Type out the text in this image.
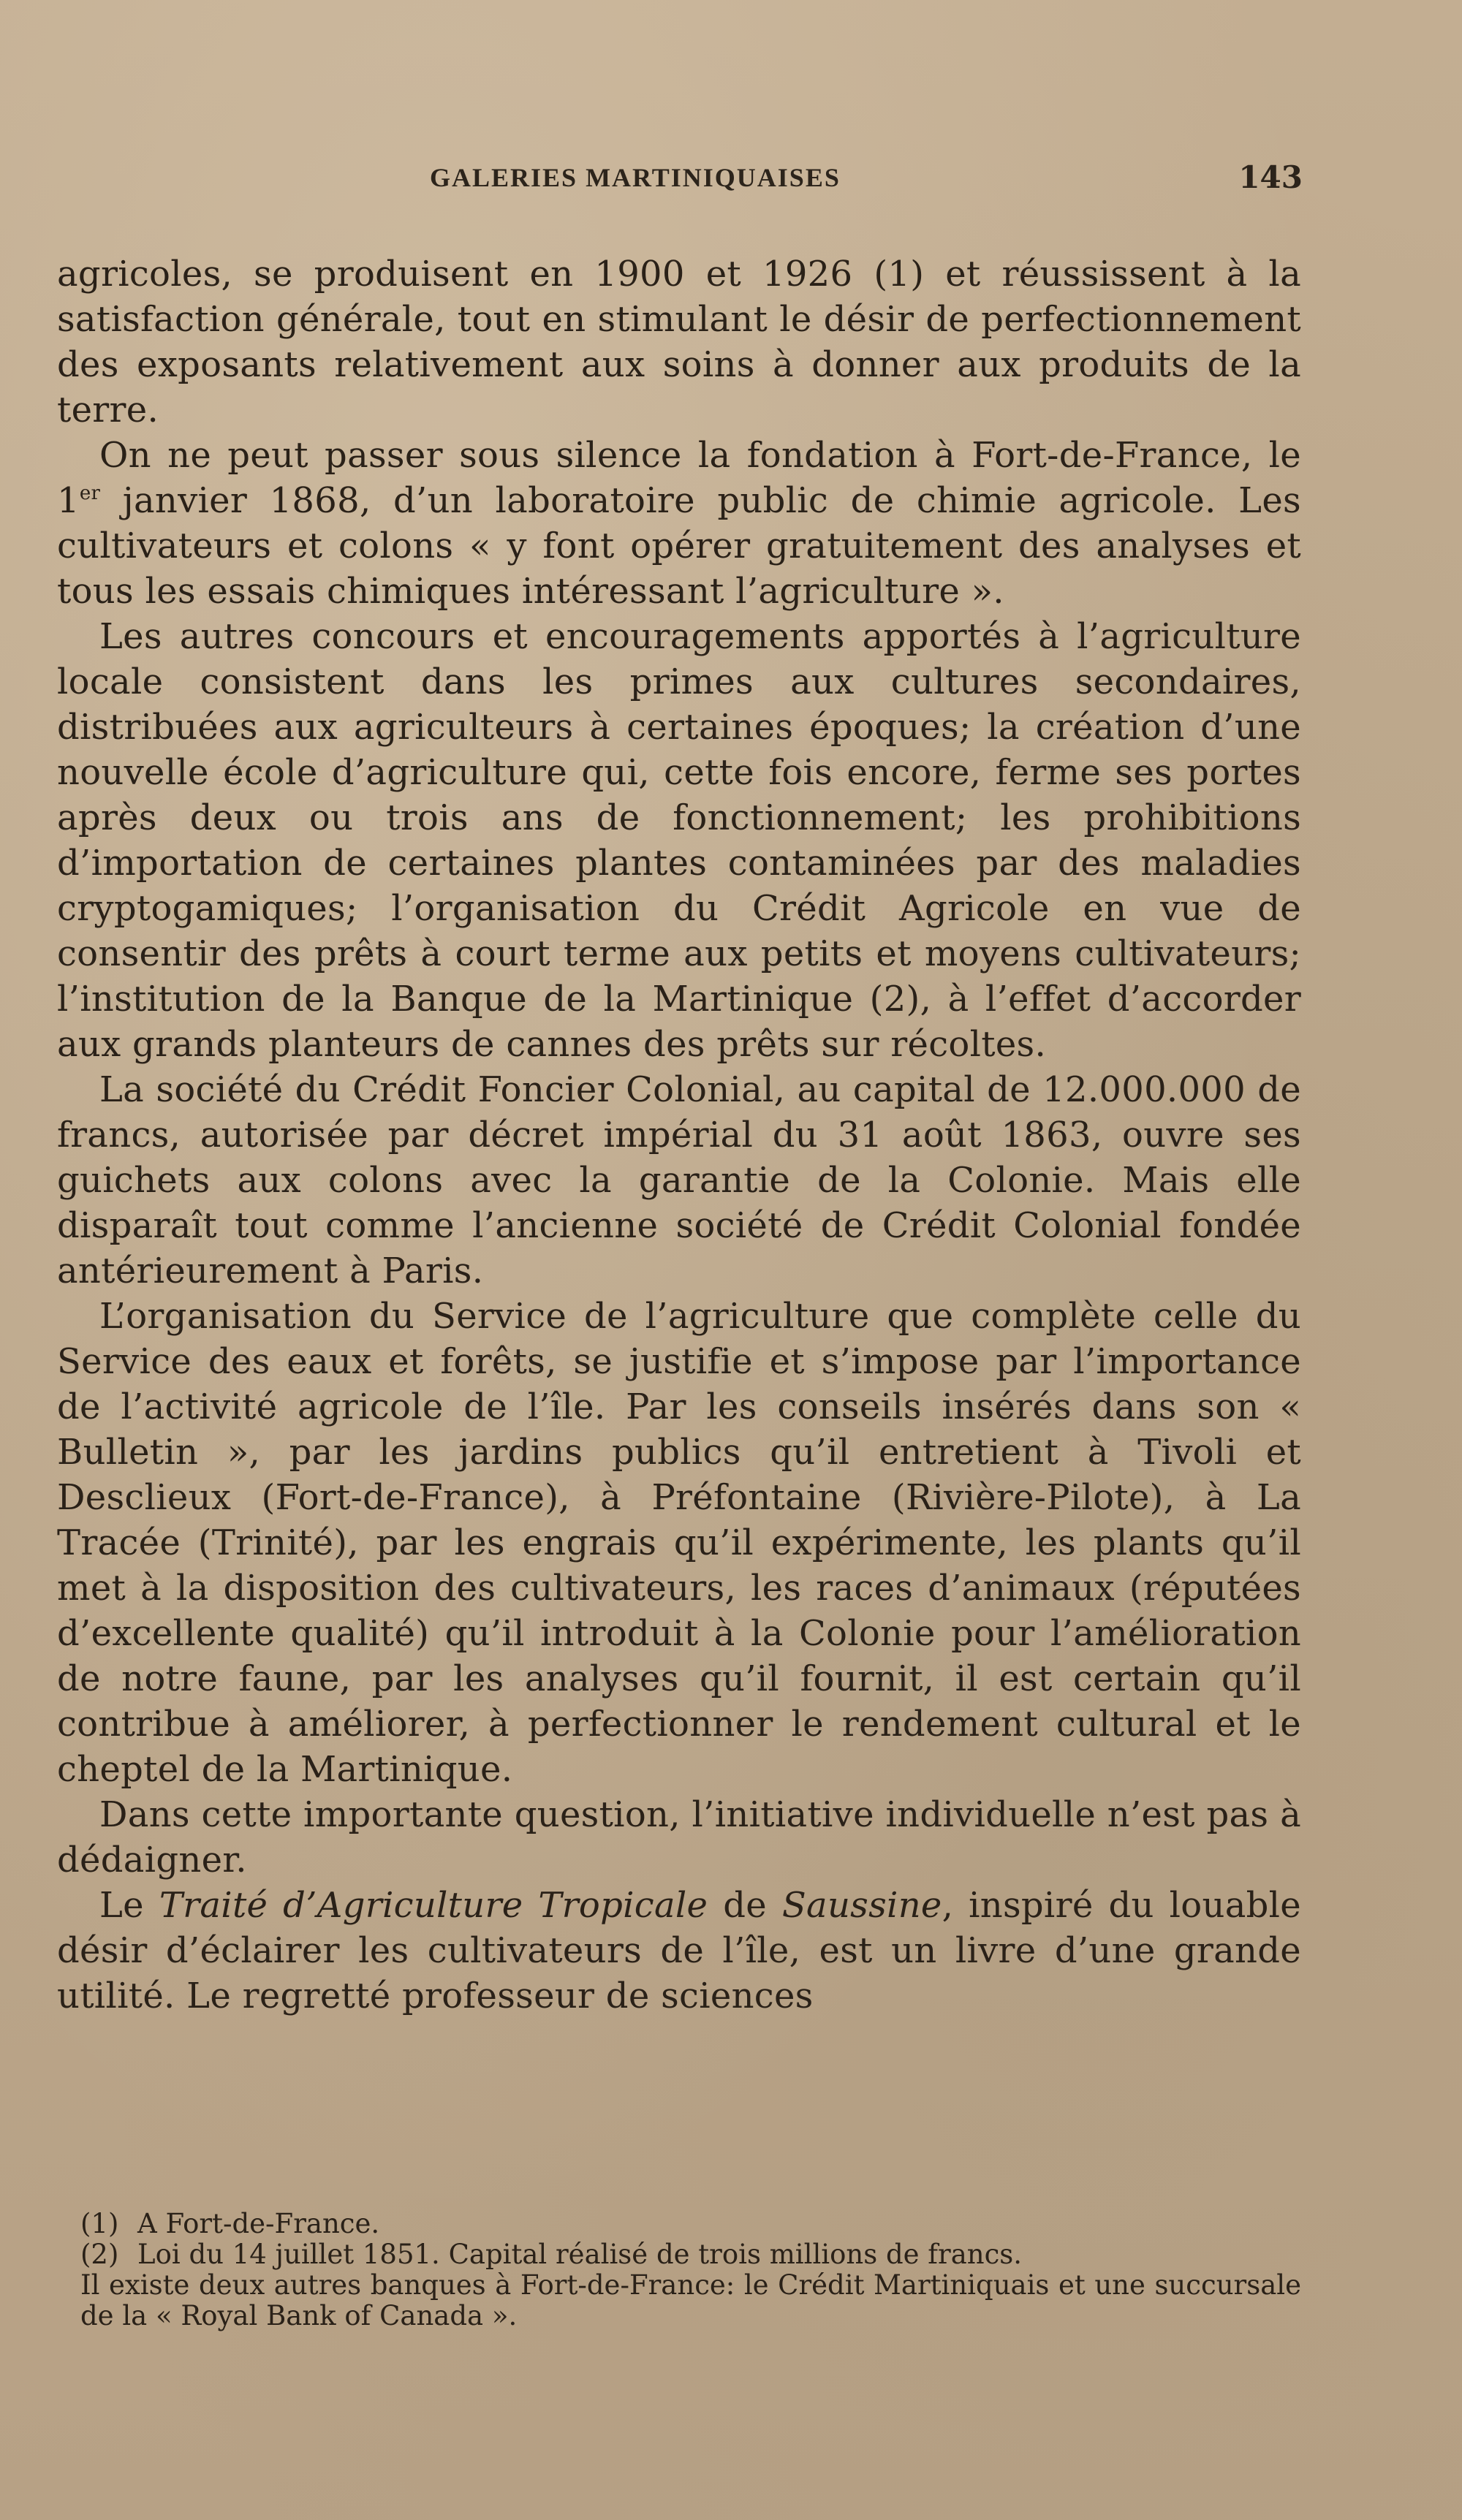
GALERIES MARTINIQUAISES	143

agricoles, se produisent en 1900 et 1926 (1) et réussissent à la satisfaction générale, tout en stimulant le désir de perfectionnement des exposants relativement aux soins à donner aux produits de la terre.

On ne peut passer sous silence la fondation à Fort-de-France, le 1er janvier 1868, d’un laboratoire public de chimie agricole. Les cultivateurs et colons « y font opérer gratuitement des analyses et tous les essais chimiques intéressant l’agriculture ».

Les autres concours et encouragements apportés à l’agriculture locale consistent dans les primes aux cultures secondaires, distribuées aux agriculteurs à certaines époques; la création d’une nouvelle école d’agriculture qui, cette fois encore, ferme ses portes après deux ou trois ans de fonctionnement; les prohibitions d’importation de certaines plantes contaminées par des maladies cryptogamiques; l’organisation du Crédit Agricole en vue de consentir des prêts à court terme aux petits et moyens cultivateurs; l’institution de la Banque de la Martinique (2), à l’effet d’accorder aux grands planteurs de cannes des prêts sur récoltes.

La société du Crédit Foncier Colonial, au capital de 12.000.000 de francs, autorisée par décret impérial du 31 août 1863, ouvre ses guichets aux colons avec la garantie de la Colonie. Mais elle disparaît tout comme l’ancienne société de Crédit Colonial fondée antérieurement à Paris.

L’organisation du Service de l’agriculture que complète celle du Service des eaux et forêts, se justifie et s’impose par l’importance de l’activité agricole de l’île. Par les conseils insérés dans son « Bulletin », par les jardins publics qu’il entretient à Tivoli et Desclieux (Fort-de-France), à Préfontaine (Rivière-Pilote), à La Tracée (Trinité), par les engrais qu’il expérimente, les plants qu’il met à la disposition des cultivateurs, les races d’animaux (réputées d’excellente qualité) qu’il introduit à la Colonie pour l’amélioration de notre faune, par les analyses qu’il fournit, il est certain qu’il contribue à améliorer, à perfectionner le rendement cultural et le cheptel de la Martinique.

Dans cette importante question, l’initiative individuelle n’est pas à dédaigner.

Le Traité d’Agriculture Tropicale de Saussine, inspiré du louable désir d’éclairer les cultivateurs de l’île, est un livre d’une grande utilité. Le regretté professeur de sciences

(1) A Fort-de-France.

(2) Loi du 14 juillet 1851. Capital réalisé de trois millions de francs.

Il existe deux autres banques à Fort-de-France: le Crédit Martiniquais et une succursale de la « Royal Bank of Canada ».
